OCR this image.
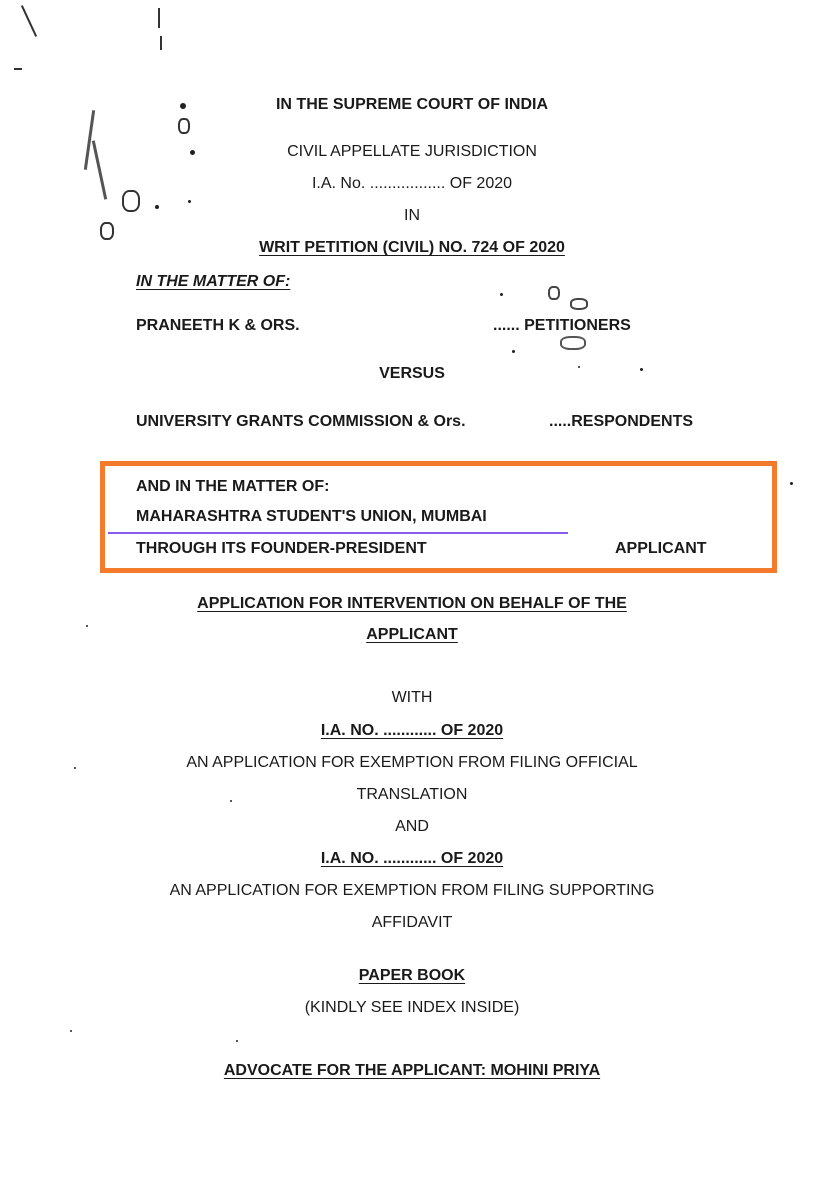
IN THE SUPREME COURT OF INDIA
CIVIL APPELLATE JURISDICTION
I.A. No. ................. OF 2020
IN
WRIT PETITION (CIVIL) NO. 724 OF 2020
IN THE MATTER OF:
PRANEETH K & ORS.	...... PETITIONERS
VERSUS
UNIVERSITY GRANTS COMMISSION & Ors.	.....RESPONDENTS
AND IN THE MATTER OF:
MAHARASHTRA STUDENT'S UNION, MUMBAI
THROUGH ITS FOUNDER-PRESIDENT	APPLICANT
APPLICATION FOR INTERVENTION ON BEHALF OF THE
APPLICANT
WITH
I.A. NO. ............ OF 2020
AN APPLICATION FOR EXEMPTION FROM FILING OFFICIAL
TRANSLATION
AND
I.A. NO. ............ OF 2020
AN APPLICATION FOR EXEMPTION FROM FILING SUPPORTING
AFFIDAVIT
PAPER BOOK
(KINDLY SEE INDEX INSIDE)
ADVOCATE FOR THE APPLICANT: MOHINI PRIYA
